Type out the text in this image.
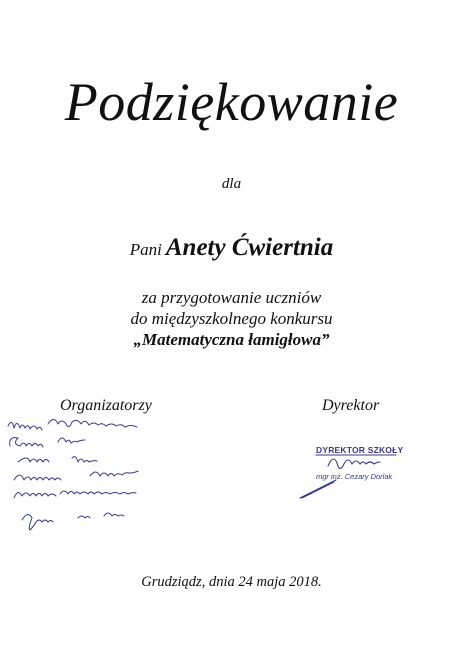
Podziękowanie
dla
Pani Anety Ćwiertnia
za przygotowanie uczniów
do międzyszkolnego konkursu
„Matematyczna łamigłowa”
Organizatorzy	Dyrektor
DYREKTOR SZKOŁY
mgr inż. Cezary Dorlak
Grudziądz, dnia 24 maja 2018.
